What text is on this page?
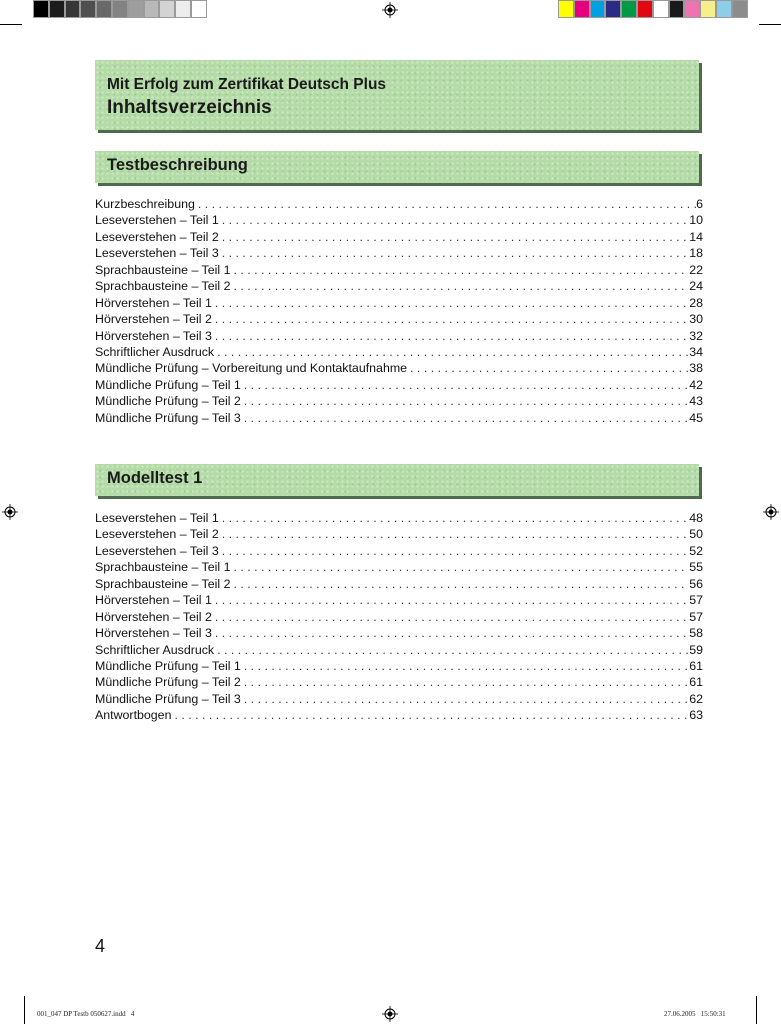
Mit Erfolg zum Zertifikat Deutsch Plus
Inhaltsverzeichnis
Testbeschreibung
Kurzbeschreibung . . .	6
Leseverstehen – Teil 1 . . .	10
Leseverstehen – Teil 2 . . .	14
Leseverstehen – Teil 3 . . .	18
Sprachbausteine – Teil 1 . . .	22
Sprachbausteine – Teil 2 . . .	24
Hörverstehen – Teil 1 . . .	28
Hörverstehen – Teil 2 . . .	30
Hörverstehen – Teil 3 . . .	32
Schriftlicher Ausdruck . . .	34
Mündliche Prüfung – Vorbereitung und Kontaktaufnahme . . .	38
Mündliche Prüfung – Teil 1 . . .	42
Mündliche Prüfung – Teil 2 . . .	43
Mündliche Prüfung – Teil 3 . . .	45
Modelltest 1
Leseverstehen – Teil 1 . . .	48
Leseverstehen – Teil 2 . . .	50
Leseverstehen – Teil 3 . . .	52
Sprachbausteine – Teil 1 . . .	55
Sprachbausteine – Teil 2 . . .	56
Hörverstehen – Teil 1 . . .	57
Hörverstehen – Teil 2 . . .	57
Hörverstehen – Teil 3 . . .	58
Schriftlicher Ausdruck . . .	59
Mündliche Prüfung – Teil 1 . . .	61
Mündliche Prüfung – Teil 2 . . .	61
Mündliche Prüfung – Teil 3 . . .	62
Antwortbogen . . .	63
4
001_047 DP Testb 050627.indd   4	27.06.2005   15:50:31
